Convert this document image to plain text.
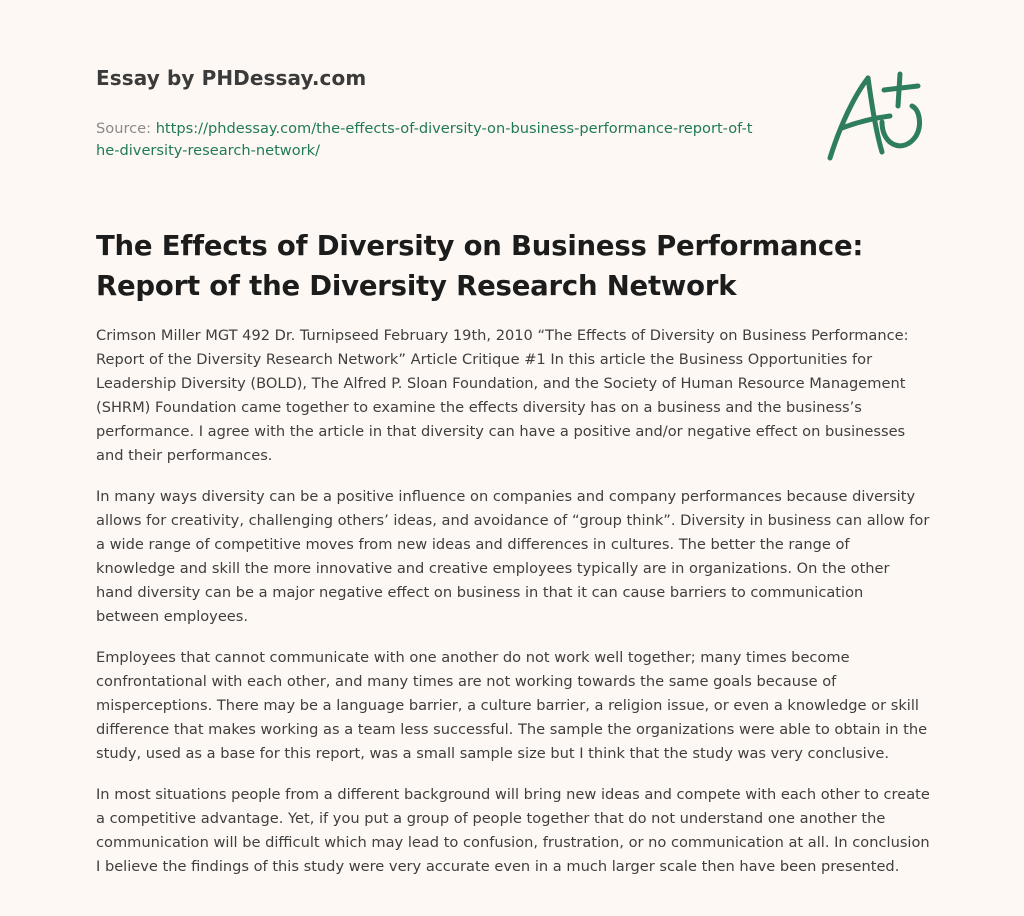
Essay by PHDessay.com
Source: https://phdessay.com/the-effects-of-diversity-on-business-performance-report-of-the-diversity-research-network/
The Effects of Diversity on Business Performance: Report of the Diversity Research Network

Crimson Miller MGT 492 Dr. Turnipseed February 19th, 2010 “The Effects of Diversity on Business Performance: Report of the Diversity Research Network” Article Critique #1 In this article the Business Opportunities for Leadership Diversity (BOLD), The Alfred P. Sloan Foundation, and the Society of Human Resource Management (SHRM) Foundation came together to examine the effects diversity has on a business and the business’s performance. I agree with the article in that diversity can have a positive and/or negative effect on businesses and their performances.

In many ways diversity can be a positive influence on companies and company performances because diversity allows for creativity, challenging others’ ideas, and avoidance of “group think”. Diversity in business can allow for a wide range of competitive moves from new ideas and differences in cultures. The better the range of knowledge and skill the more innovative and creative employees typically are in organizations. On the other hand diversity can be a major negative effect on business in that it can cause barriers to communication between employees.

Employees that cannot communicate with one another do not work well together; many times become confrontational with each other, and many times are not working towards the same goals because of misperceptions. There may be a language barrier, a culture barrier, a religion issue, or even a knowledge or skill difference that makes working as a team less successful. The sample the organizations were able to obtain in the study, used as a base for this report, was a small sample size but I think that the study was very conclusive.

In most situations people from a different background will bring new ideas and compete with each other to create a competitive advantage. Yet, if you put a group of people together that do not understand one another the communication will be difficult which may lead to confusion, frustration, or no communication at all. In conclusion I believe the findings of this study were very accurate even in a much larger scale then have been presented.
